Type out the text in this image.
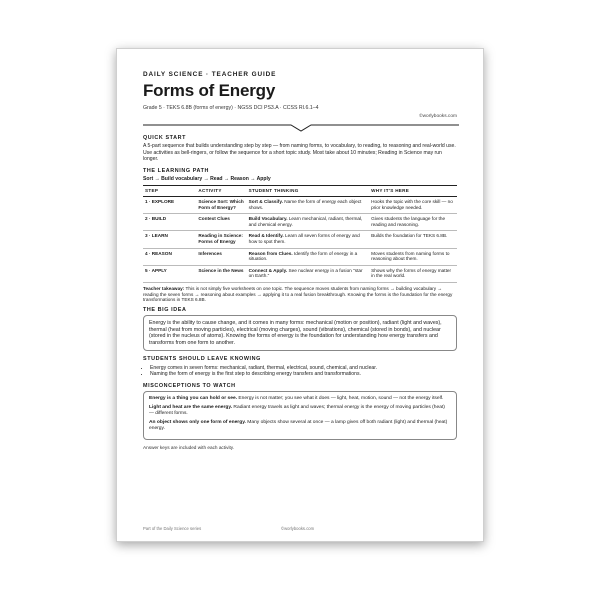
DAILY SCIENCE · TEACHER GUIDE
Forms of Energy
Grade 5 · TEKS 6.8B (forms of energy) · NGSS DCI PS3.A · CCSS RI.6.1–4
©worlybooks.com
QUICK START

A 5-part sequence that builds understanding step by step — from naming forms, to vocabulary, to reading, to reasoning and real-world use. Use activities as bell-ringers, or follow the sequence for a short topic study. Most take about 10 minutes; Reading in Science may run longer.

THE LEARNING PATH

Sort → Build vocabulary → Read → Reason → Apply

STEP	ACTIVITY	STUDENT THINKING	WHY IT'S HERE
1 · EXPLORE	Science Sort: Which Form of Energy?	Sort & Classify. Name the form of energy each object shows.	Hooks the topic with the core skill — no prior knowledge needed.
2 · BUILD	Context Clues	Build Vocabulary. Learn mechanical, radiant, thermal, and chemical energy.	Gives students the language for the reading and reasoning.
3 · LEARN	Reading in Science: Forms of Energy	Read & Identify. Learn all seven forms of energy and how to spot them.	Builds the foundation for TEKS 6.8B.
4 · REASON	Inferences	Reason from Clues. Identify the form of energy in a situation.	Moves students from naming forms to reasoning about them.
5 · APPLY	Science in the News	Connect & Apply. See nuclear energy in a fusion "star on Earth."	Shows why the forms of energy matter in the real world.

Teacher takeaway: This is not simply five worksheets on one topic. The sequence moves students from naming forms → building vocabulary → reading the seven forms → reasoning about examples → applying it to a real fusion breakthrough. Knowing the forms is the foundation for the energy transformations in TEKS 6.8B.

THE BIG IDEA

Energy is the ability to cause change, and it comes in many forms: mechanical (motion or position), radiant (light and waves), thermal (heat from moving particles), electrical (moving charges), sound (vibrations), chemical (stored in bonds), and nuclear (stored in the nucleus of atoms). Knowing the forms of energy is the foundation for understanding how energy transfers and transforms from one form to another.

STUDENTS SHOULD LEAVE KNOWING
• Energy comes in seven forms: mechanical, radiant, thermal, electrical, sound, chemical, and nuclear.
• Naming the form of energy is the first step to describing energy transfers and transformations.
MISCONCEPTIONS TO WATCH

Energy is a thing you can hold or see. Energy is not matter; you see what it does — light, heat, motion, sound — not the energy itself.

Light and heat are the same energy. Radiant energy travels as light and waves; thermal energy is the energy of moving particles (heat) — different forms.

An object shows only one form of energy. Many objects show several at once — a lamp gives off both radiant (light) and thermal (heat) energy.

Answer keys are included with each activity.

Part of the Daily Science series	©worlybooks.com
